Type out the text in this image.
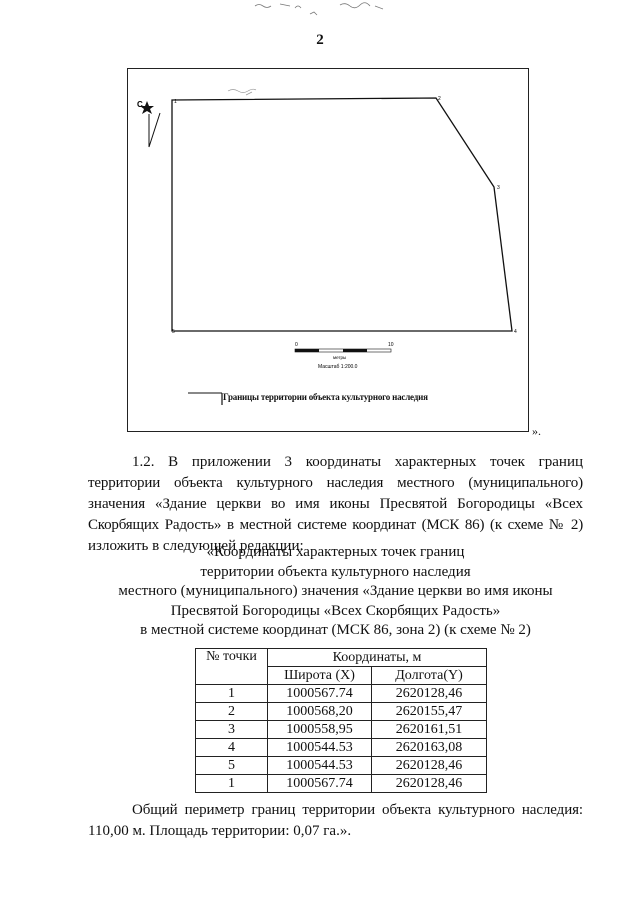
2
С	1	2
3
4
5
0	10
метры
Масштаб 1:200.0
Границы территории объекта культурного наследия
».
1.2. В приложении 3 координаты характерных точек границ
территории объекта культурного наследия местного (муниципального)
значения «Здание церкви во имя иконы Пресвятой Богородицы «Всех
Скорбящих Радость» в местной системе координат (МСК 86) (к схеме № 2)
изложить в следующей редакции:
«Координаты характерных точек границ
территории объекта культурного наследия
местного (муниципального) значения «Здание церкви во имя иконы
Пресвятой Богородицы «Всех Скорбящих Радость»
в местной системе координат (МСК 86, зона 2) (к схеме № 2)
№ точки	Координаты, м	
	Широта (X)	Долгота(Y)
1	1000567.74	2620128,46
2	1000568,20	2620155,47
3	1000558,95	2620161,51
4	1000544.53	2620163,08
5	1000544.53	2620128,46
1	1000567.74	2620128,46
Общий периметр границ территории объекта культурного наследия:
110,00 м. Площадь территории: 0,07 га.».
